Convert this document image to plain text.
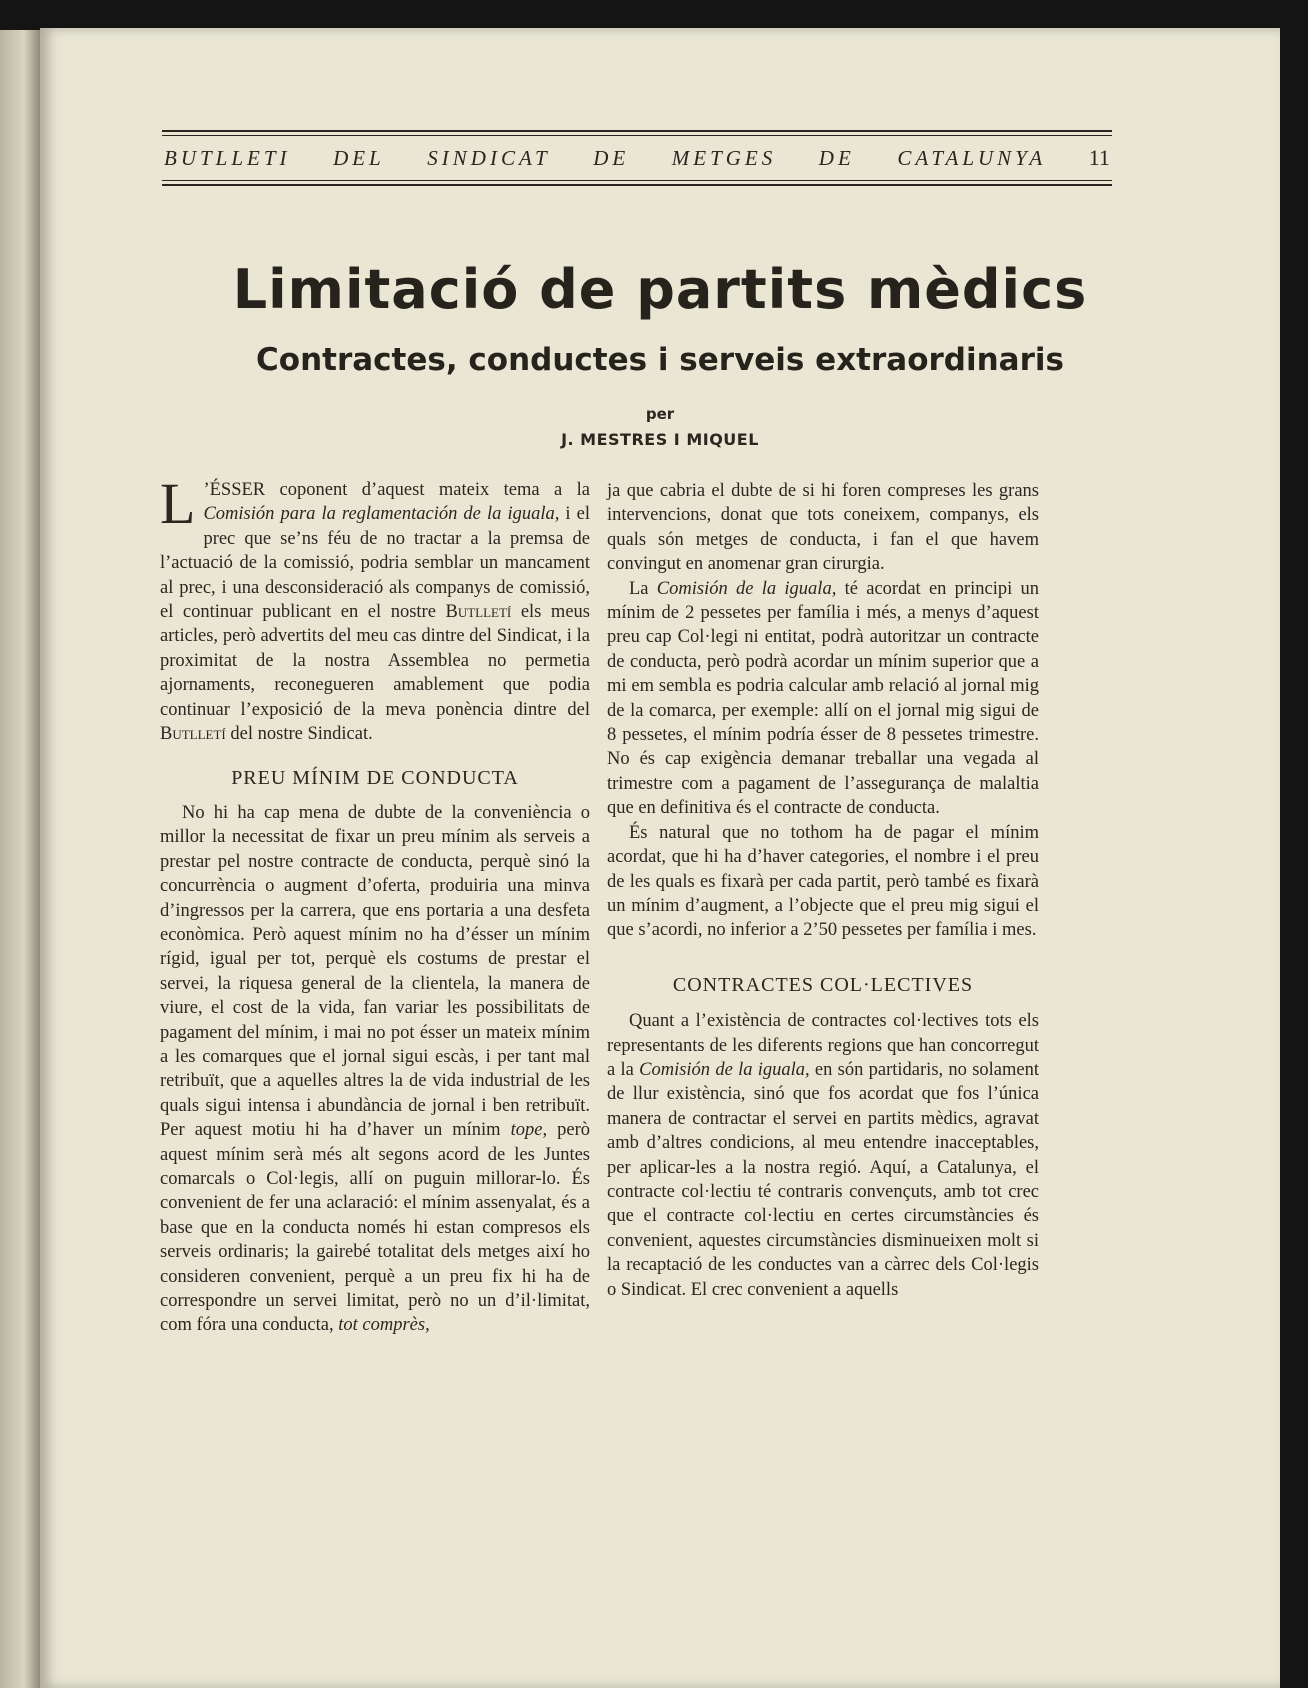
BUTLLETI DEL SINDICAT DE METGES DE CATALUNYA 11
Limitació de partits mèdics
Contractes, conductes i serveis extraordinaris
per
J. MESTRES I MIQUEL

L ’ÉSSER coponent d’aquest mateix tema a la Comisión para la reglamentación de la iguala, i el prec que se’ns féu de no tractar a la premsa de l’actuació de la comissió, podria semblar un mancament al prec, i una desconsideració als companys de comissió, el continuar publicant en el nostre Butlletí els meus articles, però advertits del meu cas dintre del Sindicat, i la proximitat de la nostra Assemblea no permetia ajornaments, reconegueren amablement que podia continuar l’exposició de la meva ponència dintre del Butlletí del nostre Sindicat.

PREU MÍNIM DE CONDUCTA

No hi ha cap mena de dubte de la conveniència o millor la necessitat de fixar un preu mínim als serveis a prestar pel nostre contracte de conducta, perquè sinó la concurrència o augment d’oferta, produiria una minva d’ingressos per la carrera, que ens portaria a una desfeta econòmica. Però aquest mínim no ha d’ésser un mínim rígid, igual per tot, perquè els costums de prestar el servei, la riquesa general de la clientela, la manera de viure, el cost de la vida, fan variar les possibilitats de pagament del mínim, i mai no pot ésser un mateix mínim a les comarques que el jornal sigui escàs, i per tant mal retribuït, que a aquelles altres la de vida industrial de les quals sigui intensa i abundància de jornal i ben retribuït. Per aquest motiu hi ha d’haver un mínim tope, però aquest mínim serà més alt segons acord de les Juntes comarcals o Col·legis, allí on puguin millorar-lo. És convenient de fer una aclaració: el mínim assenyalat, és a base que en la conducta només hi estan compresos els serveis ordinaris; la gairebé totalitat dels metges així ho consideren convenient, perquè a un preu fix hi ha de correspondre un servei limitat, però no un d’il·limitat, com fóra una conducta, tot comprès,

ja que cabria el dubte de si hi foren compreses les grans intervencions, donat que tots coneixem, companys, els quals són metges de conducta, i fan el que havem convingut en anomenar gran cirurgia.

La Comisión de la iguala, té acordat en principi un mínim de 2 pessetes per família i més, a menys d’aquest preu cap Col·legi ni entitat, podrà autoritzar un contracte de conducta, però podrà acordar un mínim superior que a mi em sembla es podria calcular amb relació al jornal mig de la comarca, per exemple: allí on el jornal mig sigui de 8 pessetes, el mínim podría ésser de 8 pessetes trimestre. No és cap exigència demanar treballar una vegada al trimestre com a pagament de l’assegurança de malaltia que en definitiva és el contracte de conducta.

És natural que no tothom ha de pagar el mínim acordat, que hi ha d’haver categories, el nombre i el preu de les quals es fixarà per cada partit, però també es fixarà un mínim d’augment, a l’objecte que el preu mig sigui el que s’acordi, no inferior a 2’50 pessetes per família i mes.

CONTRACTES COL·LECTIVES

Quant a l’existència de contractes col·lectives tots els representants de les diferents regions que han concorregut a la Comisión de la iguala, en són partidaris, no solament de llur existència, sinó que fos acordat que fos l’única manera de contractar el servei en partits mèdics, agravat amb d’altres condicions, al meu entendre inacceptables, per aplicar-les a la nostra regió. Aquí, a Catalunya, el contracte col·lectiu té contraris convençuts, amb tot crec que el contracte col·lectiu en certes circumstàncies és convenient, aquestes circumstàncies disminueixen molt si la recaptació de les conductes van a càrrec dels Col·legis o Sindicat. El crec convenient a aquells
